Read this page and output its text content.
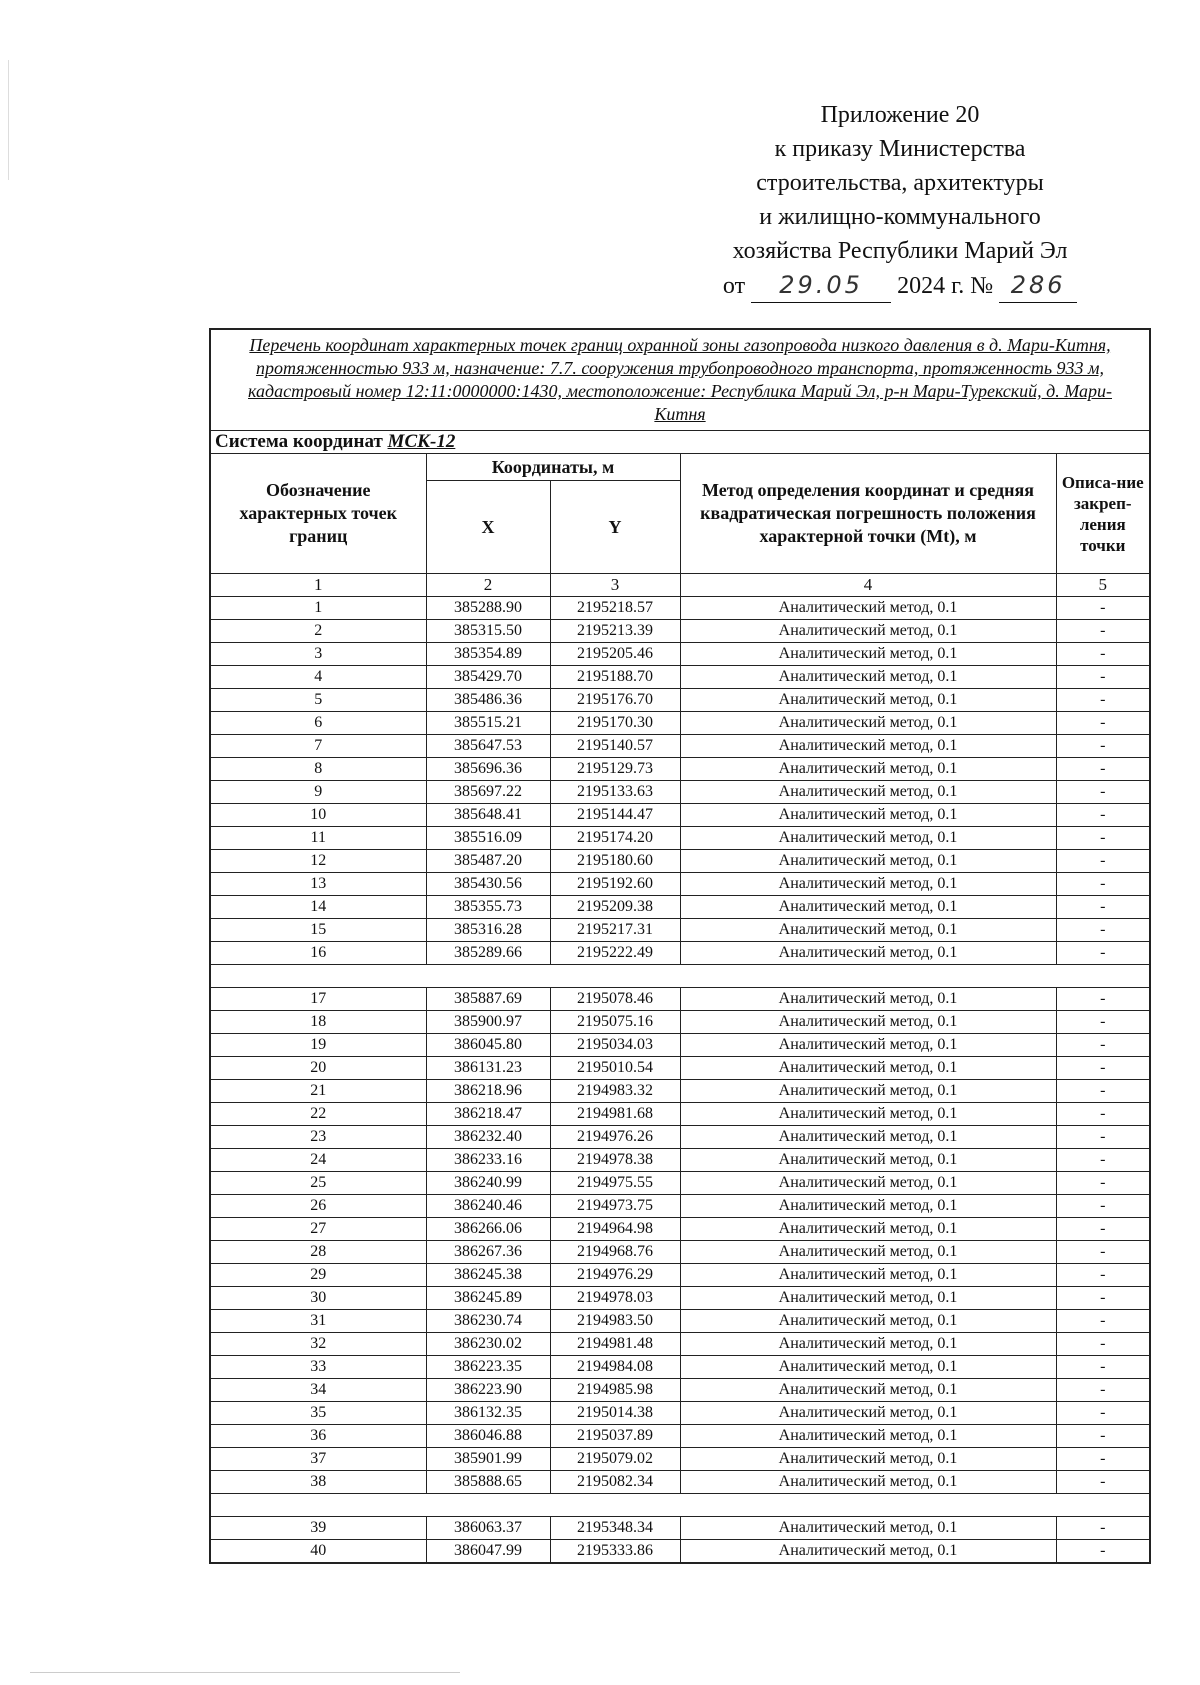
Приложение 20
к приказу Министерства
строительства, архитектуры
и жилищно-коммунального
хозяйства Республики Марий Эл
от 29.05 2024 г. № 286
Перечень координат характерных точек границ охранной зоны газопровода низкого давления в д. Мари-Китня, протяженностью 933 м, назначение: 7.7. сооружения трубопроводного транспорта, протяженность 933 м, кадастровый номер 12:11:0000000:1430, местоположение: Республика Марий Эл, р-н Мари-Турекский, д. Мари-Китня				
Система координат МСК-12				
Обозначение характерных точек границ	Координаты, м		Метод определения координат и средняя квадратическая погрешность положения характерной точки (Mt), м	Описа-ние закреп-ления точки
	X	Y		
1	2	3	4	5
1	385288.90	2195218.57	Аналитический метод, 0.1	-
2	385315.50	2195213.39	Аналитический метод, 0.1	-
3	385354.89	2195205.46	Аналитический метод, 0.1	-
4	385429.70	2195188.70	Аналитический метод, 0.1	-
5	385486.36	2195176.70	Аналитический метод, 0.1	-
6	385515.21	2195170.30	Аналитический метод, 0.1	-
7	385647.53	2195140.57	Аналитический метод, 0.1	-
8	385696.36	2195129.73	Аналитический метод, 0.1	-
9	385697.22	2195133.63	Аналитический метод, 0.1	-
10	385648.41	2195144.47	Аналитический метод, 0.1	-
11	385516.09	2195174.20	Аналитический метод, 0.1	-
12	385487.20	2195180.60	Аналитический метод, 0.1	-
13	385430.56	2195192.60	Аналитический метод, 0.1	-
14	385355.73	2195209.38	Аналитический метод, 0.1	-
15	385316.28	2195217.31	Аналитический метод, 0.1	-
16	385289.66	2195222.49	Аналитический метод, 0.1	-

17	385887.69	2195078.46	Аналитический метод, 0.1	-
18	385900.97	2195075.16	Аналитический метод, 0.1	-
19	386045.80	2195034.03	Аналитический метод, 0.1	-
20	386131.23	2195010.54	Аналитический метод, 0.1	-
21	386218.96	2194983.32	Аналитический метод, 0.1	-
22	386218.47	2194981.68	Аналитический метод, 0.1	-
23	386232.40	2194976.26	Аналитический метод, 0.1	-
24	386233.16	2194978.38	Аналитический метод, 0.1	-
25	386240.99	2194975.55	Аналитический метод, 0.1	-
26	386240.46	2194973.75	Аналитический метод, 0.1	-
27	386266.06	2194964.98	Аналитический метод, 0.1	-
28	386267.36	2194968.76	Аналитический метод, 0.1	-
29	386245.38	2194976.29	Аналитический метод, 0.1	-
30	386245.89	2194978.03	Аналитический метод, 0.1	-
31	386230.74	2194983.50	Аналитический метод, 0.1	-
32	386230.02	2194981.48	Аналитический метод, 0.1	-
33	386223.35	2194984.08	Аналитический метод, 0.1	-
34	386223.90	2194985.98	Аналитический метод, 0.1	-
35	386132.35	2195014.38	Аналитический метод, 0.1	-
36	386046.88	2195037.89	Аналитический метод, 0.1	-
37	385901.99	2195079.02	Аналитический метод, 0.1	-
38	385888.65	2195082.34	Аналитический метод, 0.1	-

39	386063.37	2195348.34	Аналитический метод, 0.1	-
40	386047.99	2195333.86	Аналитический метод, 0.1	-
